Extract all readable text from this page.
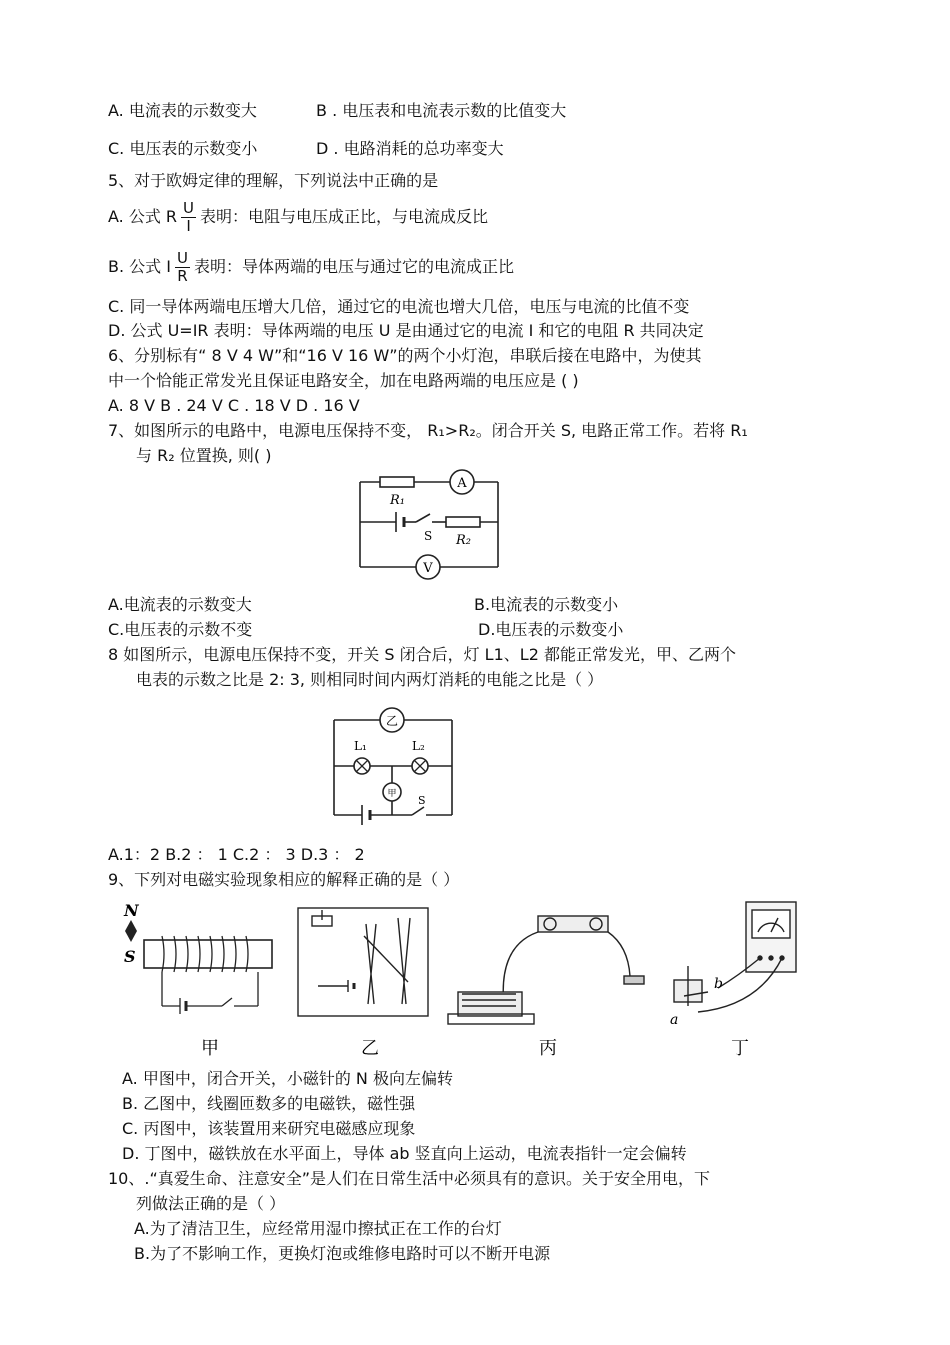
A. 电流表的示数变大	B . 电压表和电流表示数的比值变大
C. 电压表的示数变小	D . 电路消耗的总功率变大
5、对于欧姆定律的理解，下列说法中正确的是
A. 公式 R $\frac{U}{I}$ 表明：电阻与电压成正比，与电流成反比
B. 公式 I $\frac{U}{R}$ 表明：导体两端的电压与通过它的电流成正比
C. 同一导体两端电压增大几倍，通过它的电流也增大几倍，电压与电流的比值不变
D. 公式 U=IR 表明：导体两端的电压 U 是由通过它的电流 I 和它的电阻 R 共同决定
6、分别标有“ 8 V 4 W”和“16 V 16 W”的两个小灯泡，串联后接在电路中，为使其
中一个恰能正常发光且保证电路安全，加在电路两端的电压应是 ( )
A. 8 V B . 24 V C . 18 V D . 16 V
7、如图所示的电路中，电源电压保持不变， R₁>R₂。闭合开关 S, 电路正常工作。若将 R₁
与 R₂ 位置换, 则( )
A
V
R₁
R₂
S
A.电流表的示数变大	B.电流表的示数变小
C.电压表的示数不变	D.电压表的示数变小
8 如图所示，电源电压保持不变，开关 S 闭合后，灯 L1、L2 都能正常发光，甲、乙两个
电表的示数之比是 2: 3, 则相同时间内两灯消耗的电能之比是（ ）
乙
甲
L₁	L₂
S
A.1：2 B.2 ： 1 C.2 ： 3 D.3 ： 2
9、下列对电磁实验现象相应的解释正确的是（ ）
N
S
a
b
甲	乙	丙	丁
A. 甲图中，闭合开关，小磁针的 N 极向左偏转
B. 乙图中，线圈匝数多的电磁铁，磁性强
C. 丙图中，该装置用来研究电磁感应现象
D. 丁图中，磁铁放在水平面上，导体 ab 竖直向上运动，电流表指针一定会偏转
10、.“真爱生命、注意安全”是人们在日常生活中必须具有的意识。关于安全用电，下
列做法正确的是（ ）
A.为了清洁卫生，应经常用湿巾擦拭正在工作的台灯
B.为了不影响工作，更换灯泡或维修电路时可以不断开电源
